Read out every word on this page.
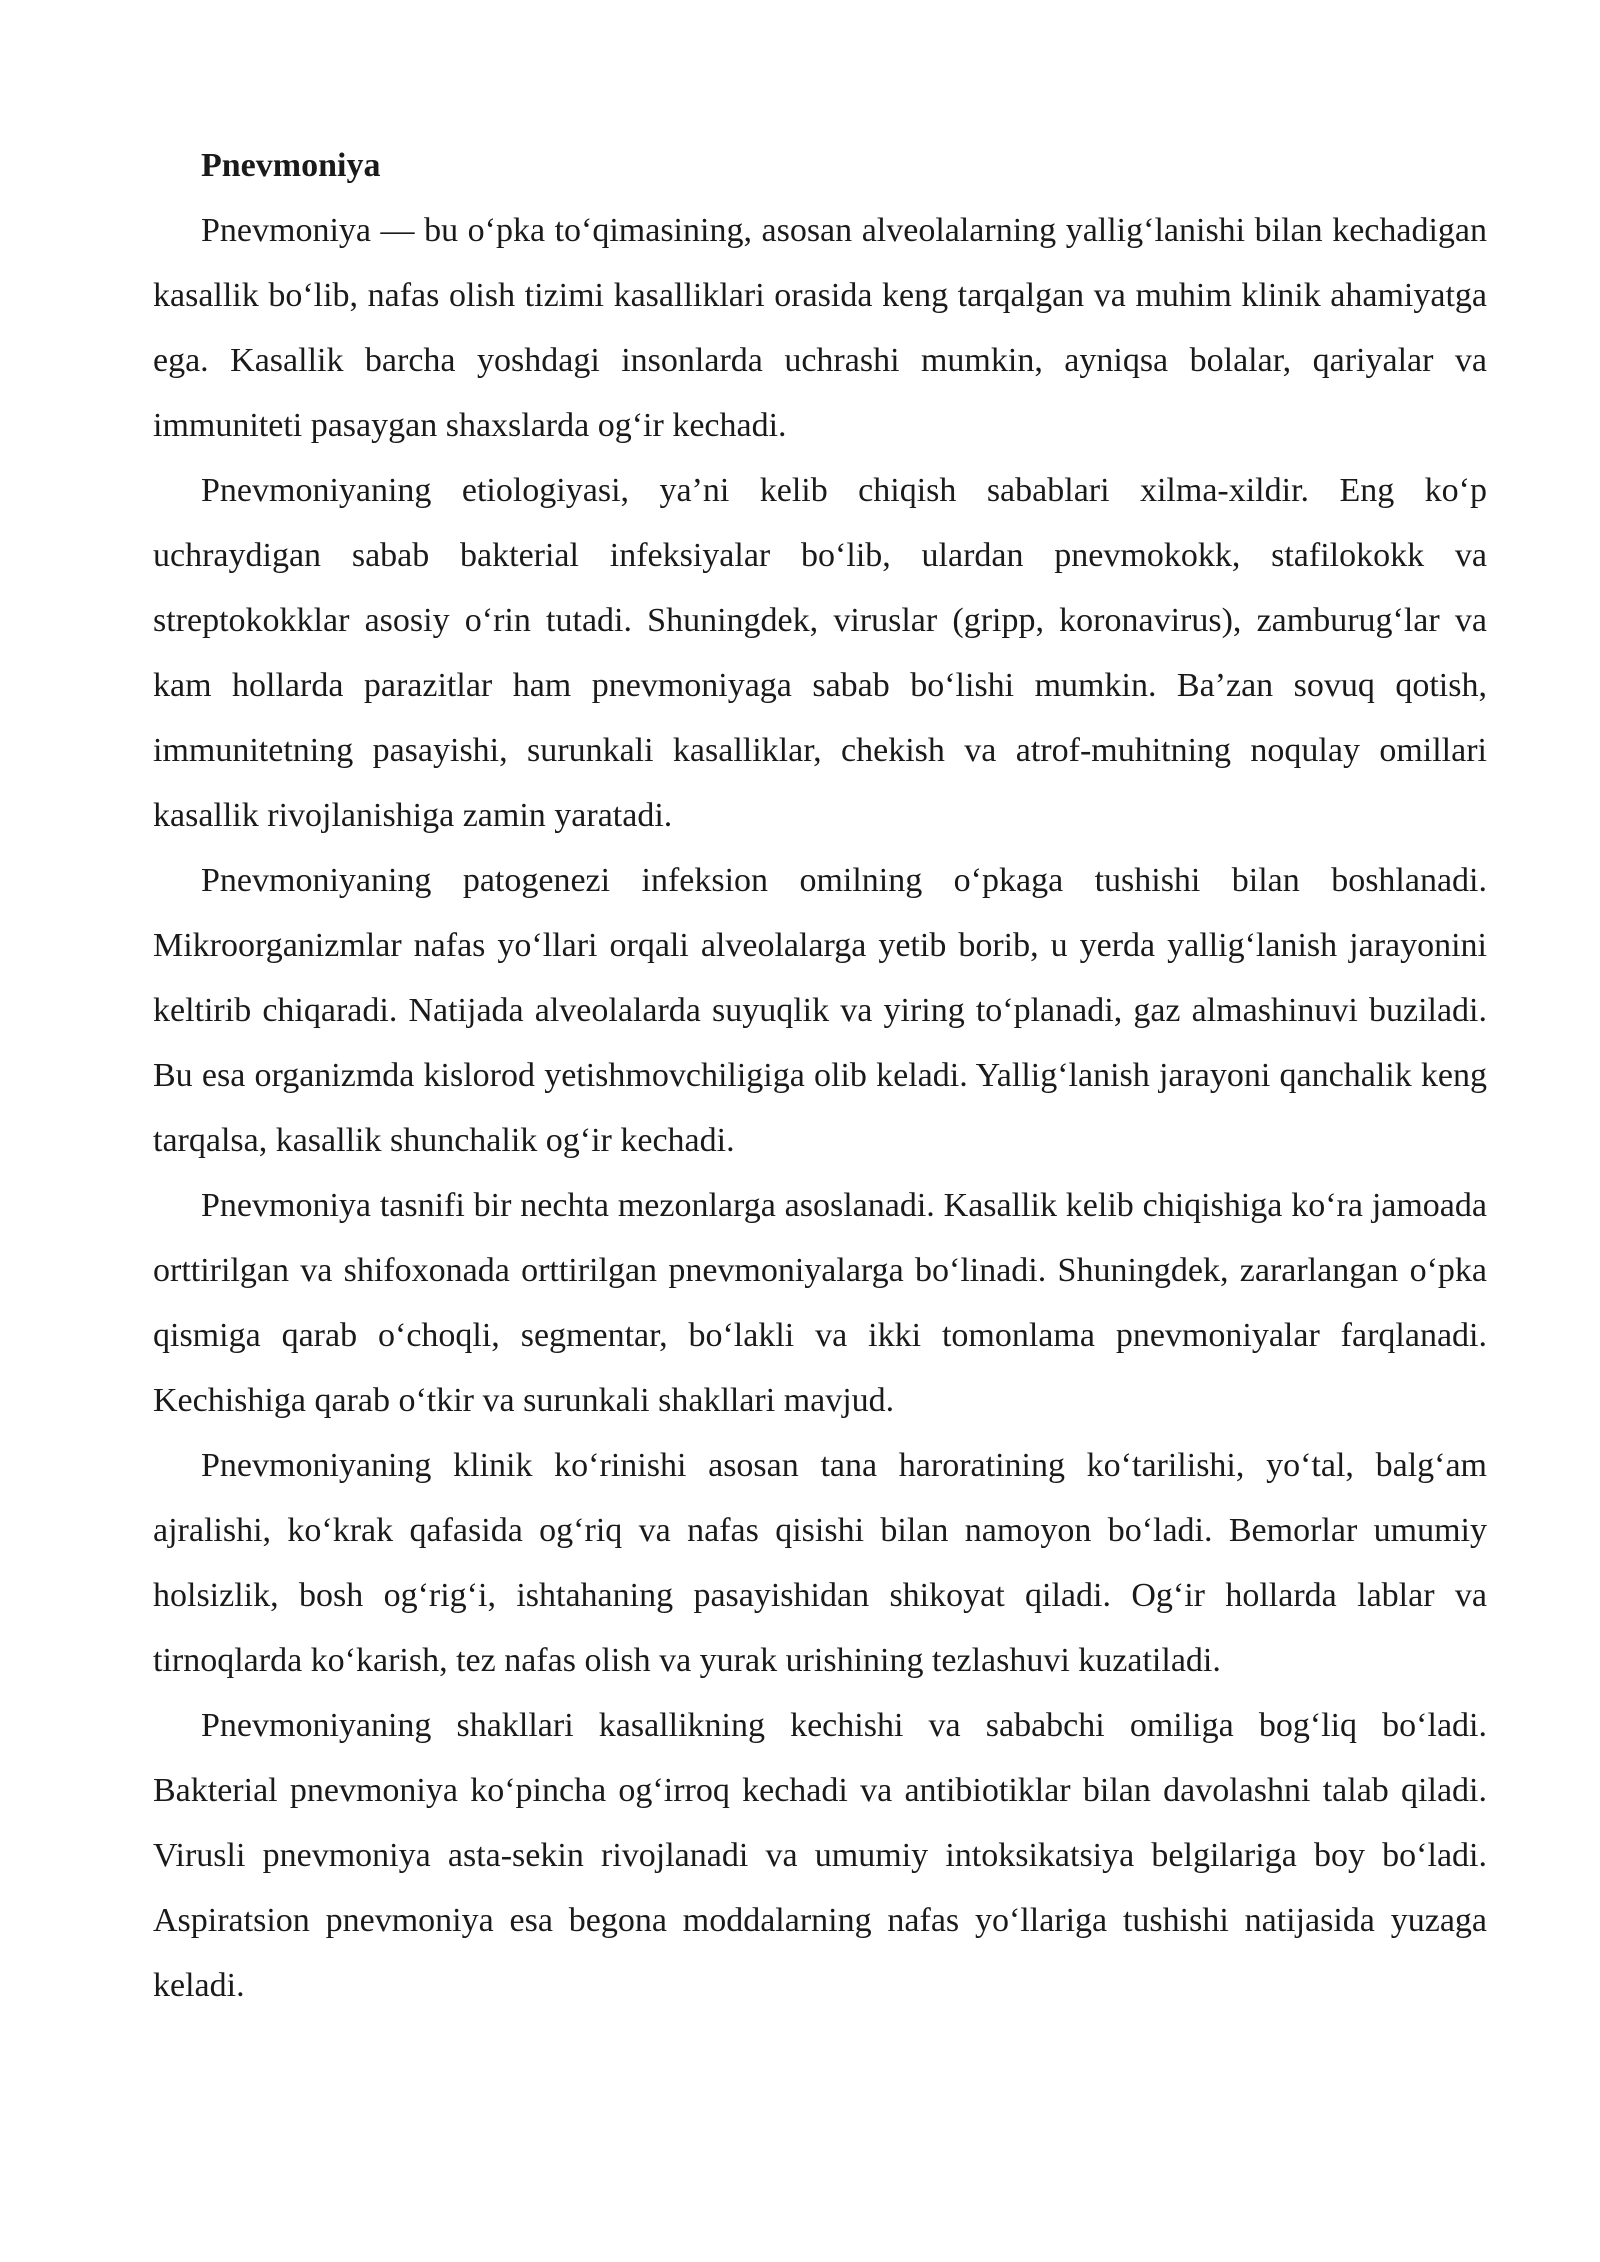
Pnevmoniya

Pnevmoniya — bu oʻpka toʻqimasining, asosan alveolalarning yalligʻlanishi bilan kechadigan kasallik boʻlib, nafas olish tizimi kasalliklari orasida keng tarqalgan va muhim klinik ahamiyatga ega. Kasallik barcha yoshdagi insonlarda uchrashi mumkin, ayniqsa bolalar, qariyalar va immuniteti pasaygan shaxslarda ogʻir kechadi.

Pnevmoniyaning etiologiyasi, ya’ni kelib chiqish sabablari xilma-xildir. Eng koʻp uchraydigan sabab bakterial infeksiyalar boʻlib, ulardan pnevmokokk, stafilokokk va streptokokklar asosiy oʻrin tutadi. Shuningdek, viruslar (gripp, koronavirus), zamburugʻlar va kam hollarda parazitlar ham pnevmoniyaga sabab boʻlishi mumkin. Ba’zan sovuq qotish, immunitetning pasayishi, surunkali kasalliklar, chekish va atrof-muhitning noqulay omillari kasallik rivojlanishiga zamin yaratadi.

Pnevmoniyaning patogenezi infeksion omilning oʻpkaga tushishi bilan boshlanadi. Mikroorganizmlar nafas yoʻllari orqali alveolalarga yetib borib, u yerda yalligʻlanish jarayonini keltirib chiqaradi. Natijada alveolalarda suyuqlik va yiring toʻplanadi, gaz almashinuvi buziladi. Bu esa organizmda kislorod yetishmovchiligiga olib keladi. Yalligʻlanish jarayoni qanchalik keng tarqalsa, kasallik shunchalik ogʻir kechadi.

Pnevmoniya tasnifi bir nechta mezonlarga asoslanadi. Kasallik kelib chiqishiga koʻra jamoada orttirilgan va shifoxonada orttirilgan pnevmoniyalarga boʻlinadi. Shuningdek, zararlangan oʻpka qismiga qarab oʻchoqli, segmentar, boʻlakli va ikki tomonlama pnevmoniyalar farqlanadi. Kechishiga qarab oʻtkir va surunkali shakllari mavjud.

Pnevmoniyaning klinik koʻrinishi asosan tana haroratining koʻtarilishi, yoʻtal, balgʻam ajralishi, koʻkrak qafasida ogʻriq va nafas qisishi bilan namoyon boʻladi. Bemorlar umumiy holsizlik, bosh ogʻrigʻi, ishtahaning pasayishidan shikoyat qiladi. Ogʻir hollarda lablar va tirnoqlarda koʻkarish, tez nafas olish va yurak urishining tezlashuvi kuzatiladi.

Pnevmoniyaning shakllari kasallikning kechishi va sababchi omiliga bogʻliq boʻladi. Bakterial pnevmoniya koʻpincha ogʻirroq kechadi va antibiotiklar bilan davolashni talab qiladi. Virusli pnevmoniya asta-sekin rivojlanadi va umumiy intoksikatsiya belgilariga boy boʻladi. Aspiratsion pnevmoniya esa begona moddalarning nafas yoʻllariga tushishi natijasida yuzaga keladi.
